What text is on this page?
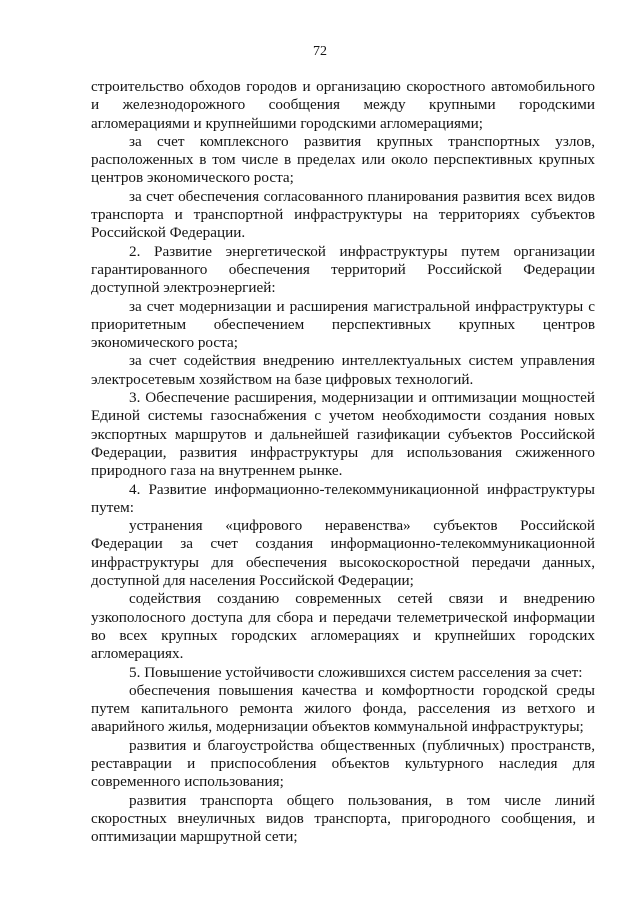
72

строительство обходов городов и организацию скоростного автомобильного и железнодорожного сообщения между крупными городскими агломерациями и крупнейшими городскими агломерациями;

за счет комплексного развития крупных транспортных узлов, расположенных в том числе в пределах или около перспективных крупных центров экономического роста;

за счет обеспечения согласованного планирования развития всех видов транспорта и транспортной инфраструктуры на территориях субъектов Российской Федерации.

2. Развитие энергетической инфраструктуры путем организации гарантированного обеспечения территорий Российской Федерации доступной электроэнергией:

за счет модернизации и расширения магистральной инфраструктуры с приоритетным обеспечением перспективных крупных центров экономического роста;

за счет содействия внедрению интеллектуальных систем управления электросетевым хозяйством на базе цифровых технологий.

3. Обеспечение расширения, модернизации и оптимизации мощностей Единой системы газоснабжения с учетом необходимости создания новых экспортных маршрутов и дальнейшей газификации субъектов Российской Федерации, развития инфраструктуры для использования сжиженного природного газа на внутреннем рынке.

4. Развитие информационно-телекоммуникационной инфраструктуры путем:

устранения «цифрового неравенства» субъектов Российской Федерации за счет создания информационно-телекоммуникационной инфраструктуры для обеспечения высокоскоростной передачи данных, доступной для населения Российской Федерации;

содействия созданию современных сетей связи и внедрению узкополосного доступа для сбора и передачи телеметрической информации во всех крупных городских агломерациях и крупнейших городских агломерациях.

5. Повышение устойчивости сложившихся систем расселения за счет:

обеспечения повышения качества и комфортности городской среды путем капитального ремонта жилого фонда, расселения из ветхого и аварийного жилья, модернизации объектов коммунальной инфраструктуры;

развития и благоустройства общественных (публичных) пространств, реставрации и приспособления объектов культурного наследия для современного использования;

развития транспорта общего пользования, в том числе линий скоростных внеуличных видов транспорта, пригородного сообщения, и оптимизации маршрутной сети;
